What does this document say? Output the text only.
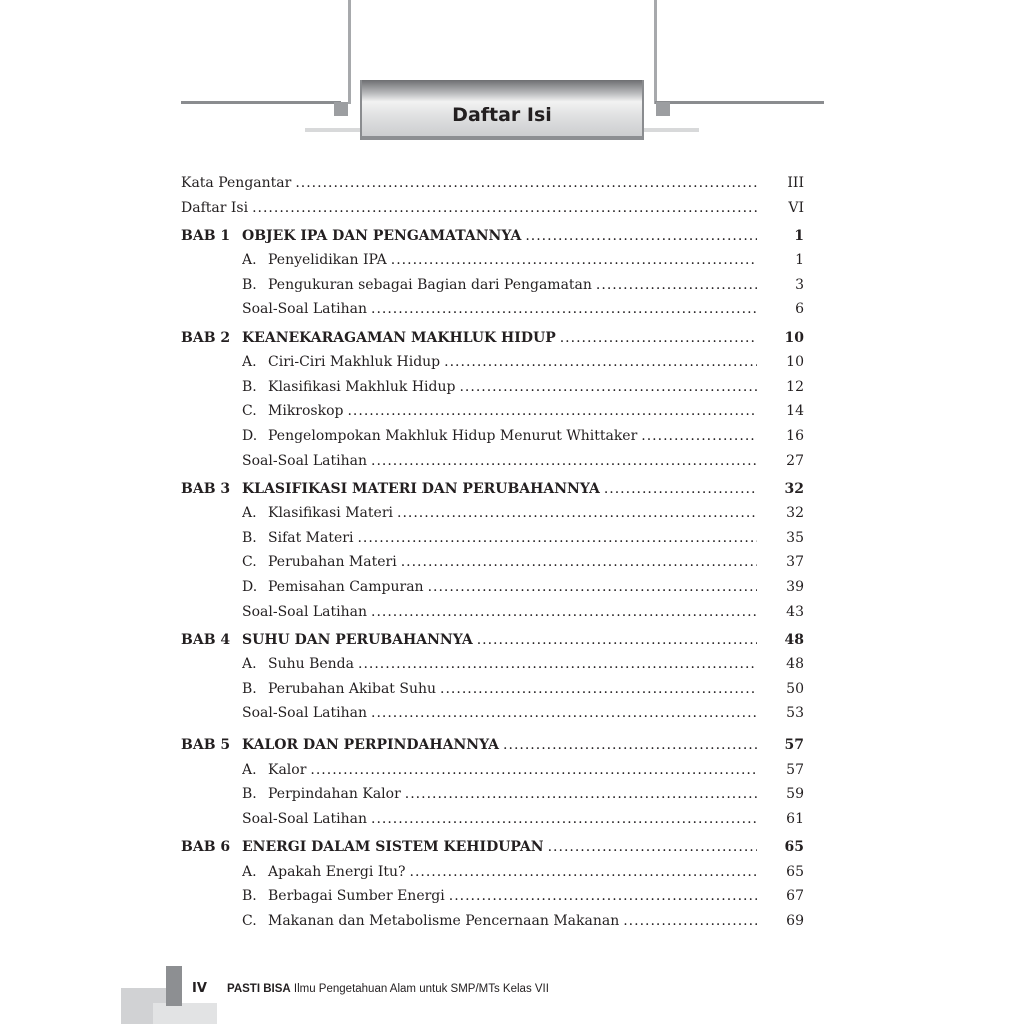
Daftar Isi
Kata Pengantar .....	III
Daftar Isi .....	VI
BAB 1 OBJEK IPA DAN PENGAMATANNYA .....	1
A. Penyelidikan IPA .....	1
B. Pengukuran sebagai Bagian dari Pengamatan .....	3
Soal-Soal Latihan .....	6
BAB 2 KEANEKARAGAMAN MAKHLUK HIDUP .....	10
A. Ciri-Ciri Makhluk Hidup .....	10
B. Klasifikasi Makhluk Hidup .....	12
C. Mikroskop .....	14
D. Pengelompokan Makhluk Hidup Menurut Whittaker .....	16
Soal-Soal Latihan .....	27
BAB 3 KLASIFIKASI MATERI DAN PERUBAHANNYA .....	32
A. Klasifikasi Materi .....	32
B. Sifat Materi .....	35
C. Perubahan Materi .....	37
D. Pemisahan Campuran .....	39
Soal-Soal Latihan .....	43
BAB 4 SUHU DAN PERUBAHANNYA .....	48
A. Suhu Benda .....	48
B. Perubahan Akibat Suhu .....	50
Soal-Soal Latihan .....	53
BAB 5 KALOR DAN PERPINDAHANNYA .....	57
A. Kalor .....	57
B. Perpindahan Kalor .....	59
Soal-Soal Latihan .....	61
BAB 6 ENERGI DALAM SISTEM KEHIDUPAN .....	65
A. Apakah Energi Itu? .....	65
B. Berbagai Sumber Energi .....	67
C. Makanan dan Metabolisme Pencernaan Makanan .....	69
IV PASTI BISA Ilmu Pengetahuan Alam untuk SMP/MTs Kelas VII
